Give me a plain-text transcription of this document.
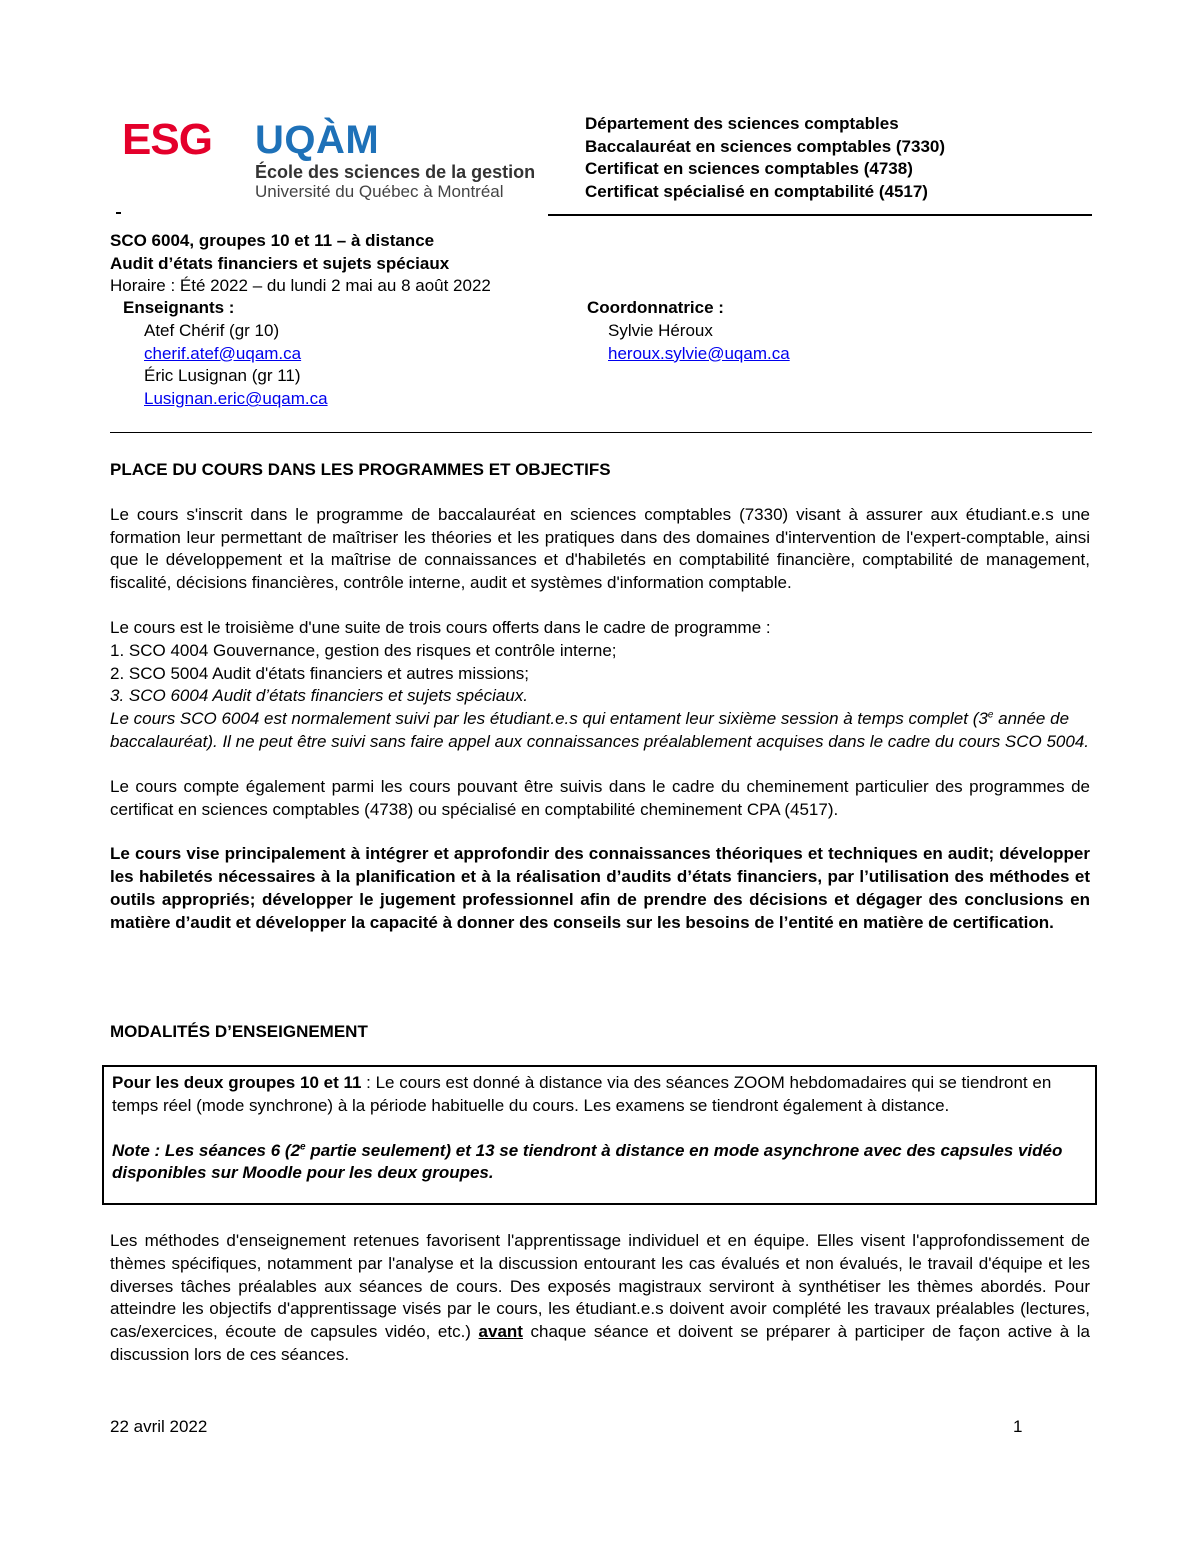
ESG UQÀM
École des sciences de la gestion
Université du Québec à Montréal
Département des sciences comptables
Baccalauréat en sciences comptables (7330)
Certificat en sciences comptables (4738)
Certificat spécialisé en comptabilité (4517)
SCO 6004, groupes 10 et 11 – à distance
Audit d’états financiers et sujets spéciaux
Horaire : Été 2022 – du lundi 2 mai au 8 août 2022
Enseignants :
Atef Chérif (gr 10)
cherif.atef@uqam.ca
Éric Lusignan (gr 11)
Lusignan.eric@uqam.ca
Coordonnatrice :
Sylvie Héroux
heroux.sylvie@uqam.ca
PLACE DU COURS DANS LES PROGRAMMES ET OBJECTIFS

Le cours s'inscrit dans le programme de baccalauréat en sciences comptables (7330) visant à assurer aux étudiant.e.s une formation leur permettant de maîtriser les théories et les pratiques dans des domaines d'intervention de l'expert-comptable, ainsi que le développement et la maîtrise de connaissances et d'habiletés en comptabilité financière, comptabilité de management, fiscalité, décisions financières, contrôle interne, audit et systèmes d'information comptable.

Le cours est le troisième d'une suite de trois cours offerts dans le cadre de programme :

1. SCO 4004 Gouvernance, gestion des risques et contrôle interne;

2. SCO 5004 Audit d'états financiers et autres missions;

3. SCO 6004 Audit d’états financiers et sujets spéciaux.

Le cours SCO 6004 est normalement suivi par les étudiant.e.s qui entament leur sixième session à temps complet (3e année de baccalauréat). Il ne peut être suivi sans faire appel aux connaissances préalablement acquises dans le cadre du cours SCO 5004.

Le cours compte également parmi les cours pouvant être suivis dans le cadre du cheminement particulier des programmes de certificat en sciences comptables (4738) ou spécialisé en comptabilité cheminement CPA (4517).

Le cours vise principalement à intégrer et approfondir des connaissances théoriques et techniques en audit; développer les habiletés nécessaires à la planification et à la réalisation d’audits d’états financiers, par l’utilisation des méthodes et outils appropriés; développer le jugement professionnel afin de prendre des décisions et dégager des conclusions en matière d’audit et développer la capacité à donner des conseils sur les besoins de l’entité en matière de certification.

MODALITÉS D’ENSEIGNEMENT

Pour les deux groupes 10 et 11 : Le cours est donné à distance via des séances ZOOM hebdomadaires qui se tiendront en temps réel (mode synchrone) à la période habituelle du cours. Les examens se tiendront également à distance.

Note : Les séances 6 (2e partie seulement) et 13 se tiendront à distance en mode asynchrone avec des capsules vidéo disponibles sur Moodle pour les deux groupes.

Les méthodes d'enseignement retenues favorisent l'apprentissage individuel et en équipe. Elles visent l'approfondissement de thèmes spécifiques, notamment par l'analyse et la discussion entourant les cas évalués et non évalués, le travail d'équipe et les diverses tâches préalables aux séances de cours. Des exposés magistraux serviront à synthétiser les thèmes abordés. Pour atteindre les objectifs d'apprentissage visés par le cours, les étudiant.e.s doivent avoir complété les travaux préalables (lectures, cas/exercices, écoute de capsules vidéo, etc.) avant chaque séance et doivent se préparer à participer de façon active à la discussion lors de ces séances.

22 avril 2022	1
